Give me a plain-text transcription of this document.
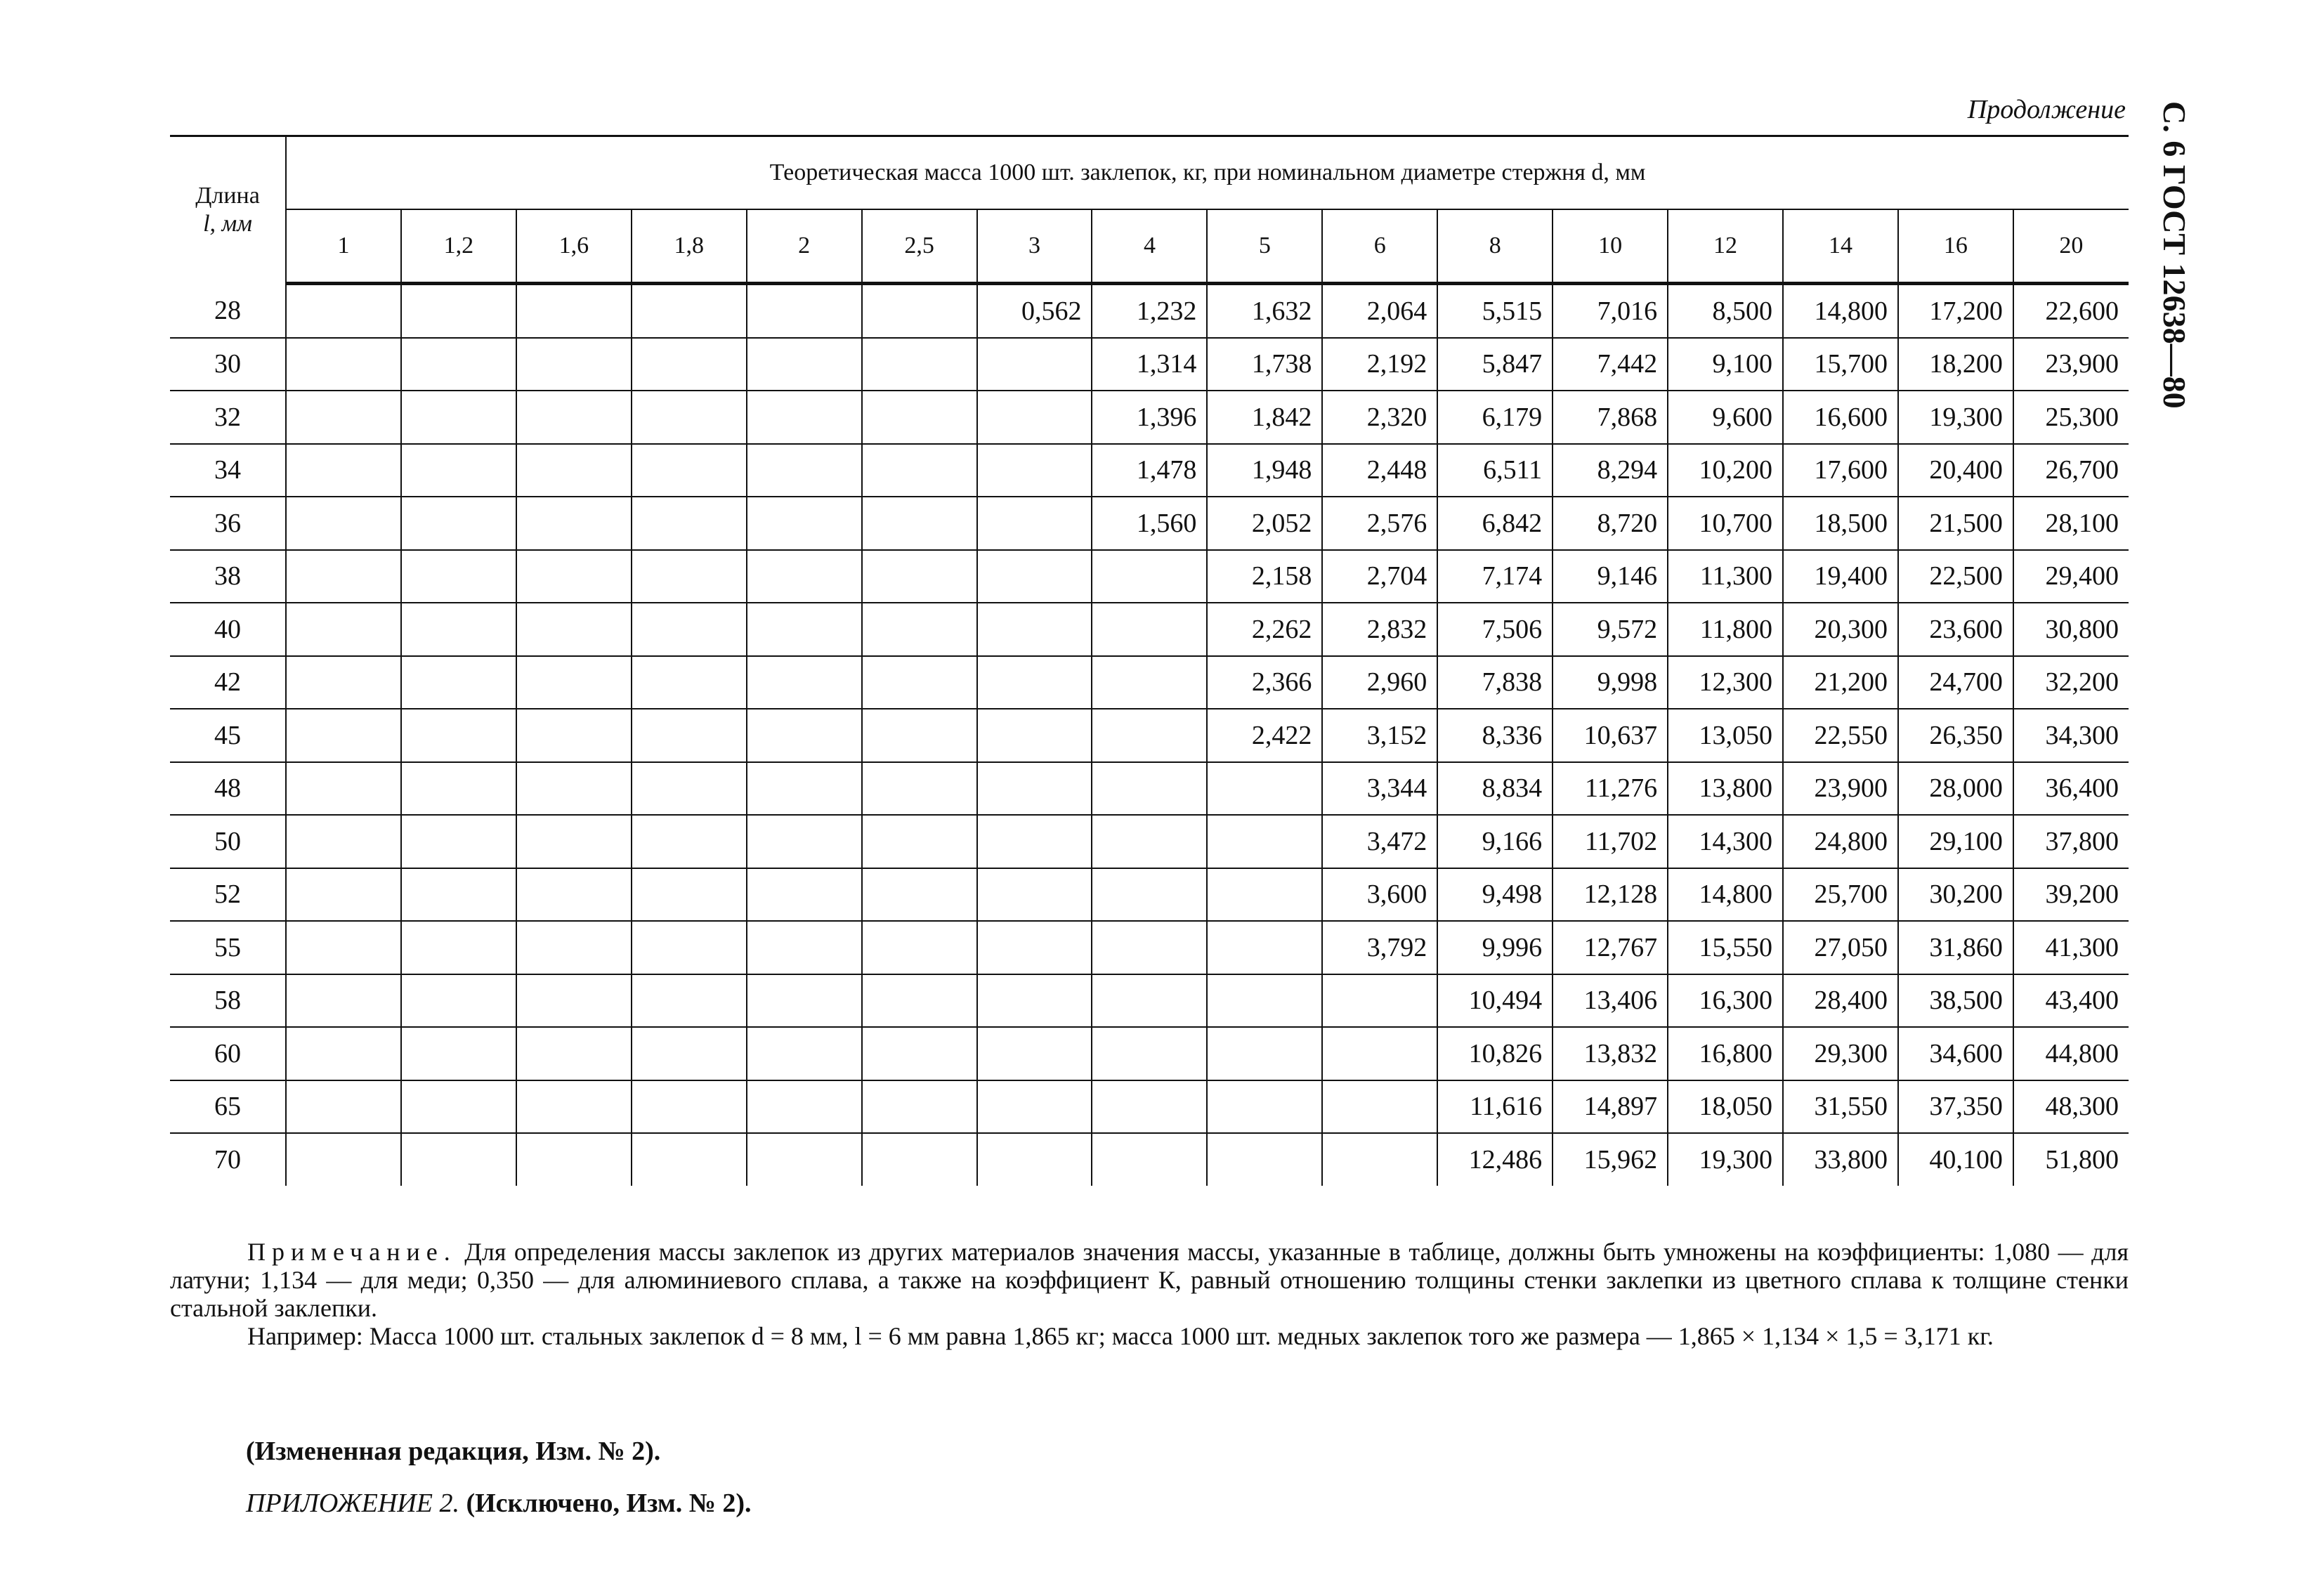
Продолжение С. 6 ГОСТ 12638—80
Длина
l, мм	Теоретическая масса 1000 шт. заклепок, кг, при номинальном диаметре стержня d, мм															
	1	1,2	1,6	1,8	2	2,5	3	4	5	6	8	10	12	14	16	20
28							0,562	1,232	1,632	2,064	5,515	7,016	8,500	14,800	17,200	22,600
30								1,314	1,738	2,192	5,847	7,442	9,100	15,700	18,200	23,900
32								1,396	1,842	2,320	6,179	7,868	9,600	16,600	19,300	25,300
34								1,478	1,948	2,448	6,511	8,294	10,200	17,600	20,400	26,700
36								1,560	2,052	2,576	6,842	8,720	10,700	18,500	21,500	28,100
38									2,158	2,704	7,174	9,146	11,300	19,400	22,500	29,400
40									2,262	2,832	7,506	9,572	11,800	20,300	23,600	30,800
42									2,366	2,960	7,838	9,998	12,300	21,200	24,700	32,200
45									2,422	3,152	8,336	10,637	13,050	22,550	26,350	34,300
48										3,344	8,834	11,276	13,800	23,900	28,000	36,400
50										3,472	9,166	11,702	14,300	24,800	29,100	37,800
52										3,600	9,498	12,128	14,800	25,700	30,200	39,200
55										3,792	9,996	12,767	15,550	27,050	31,860	41,300
58											10,494	13,406	16,300	28,400	38,500	43,400
60											10,826	13,832	16,800	29,300	34,600	44,800
65											11,616	14,897	18,050	31,550	37,350	48,300
70											12,486	15,962	19,300	33,800	40,100	51,800

Примечание. Для определения массы заклепок из других материалов значения массы, указанные в таблице, должны быть умножены на коэффициенты: 1,080 — для латуни; 1,134 — для меди; 0,350 — для алюминиевого сплава, а также на коэффициент К, равный отношению толщины стенки заклепки из цветного сплава к толщине стенки стальной заклепки.

Например: Масса 1000 шт. стальных заклепок d = 8 мм, l = 6 мм равна 1,865 кг; масса 1000 шт. медных заклепок того же размера — 1,865 × 1,134 × 1,5 = 3,171 кг.

(Измененная редакция, Изм. № 2).
ПРИЛОЖЕНИЕ 2. (Исключено, Изм. № 2).
